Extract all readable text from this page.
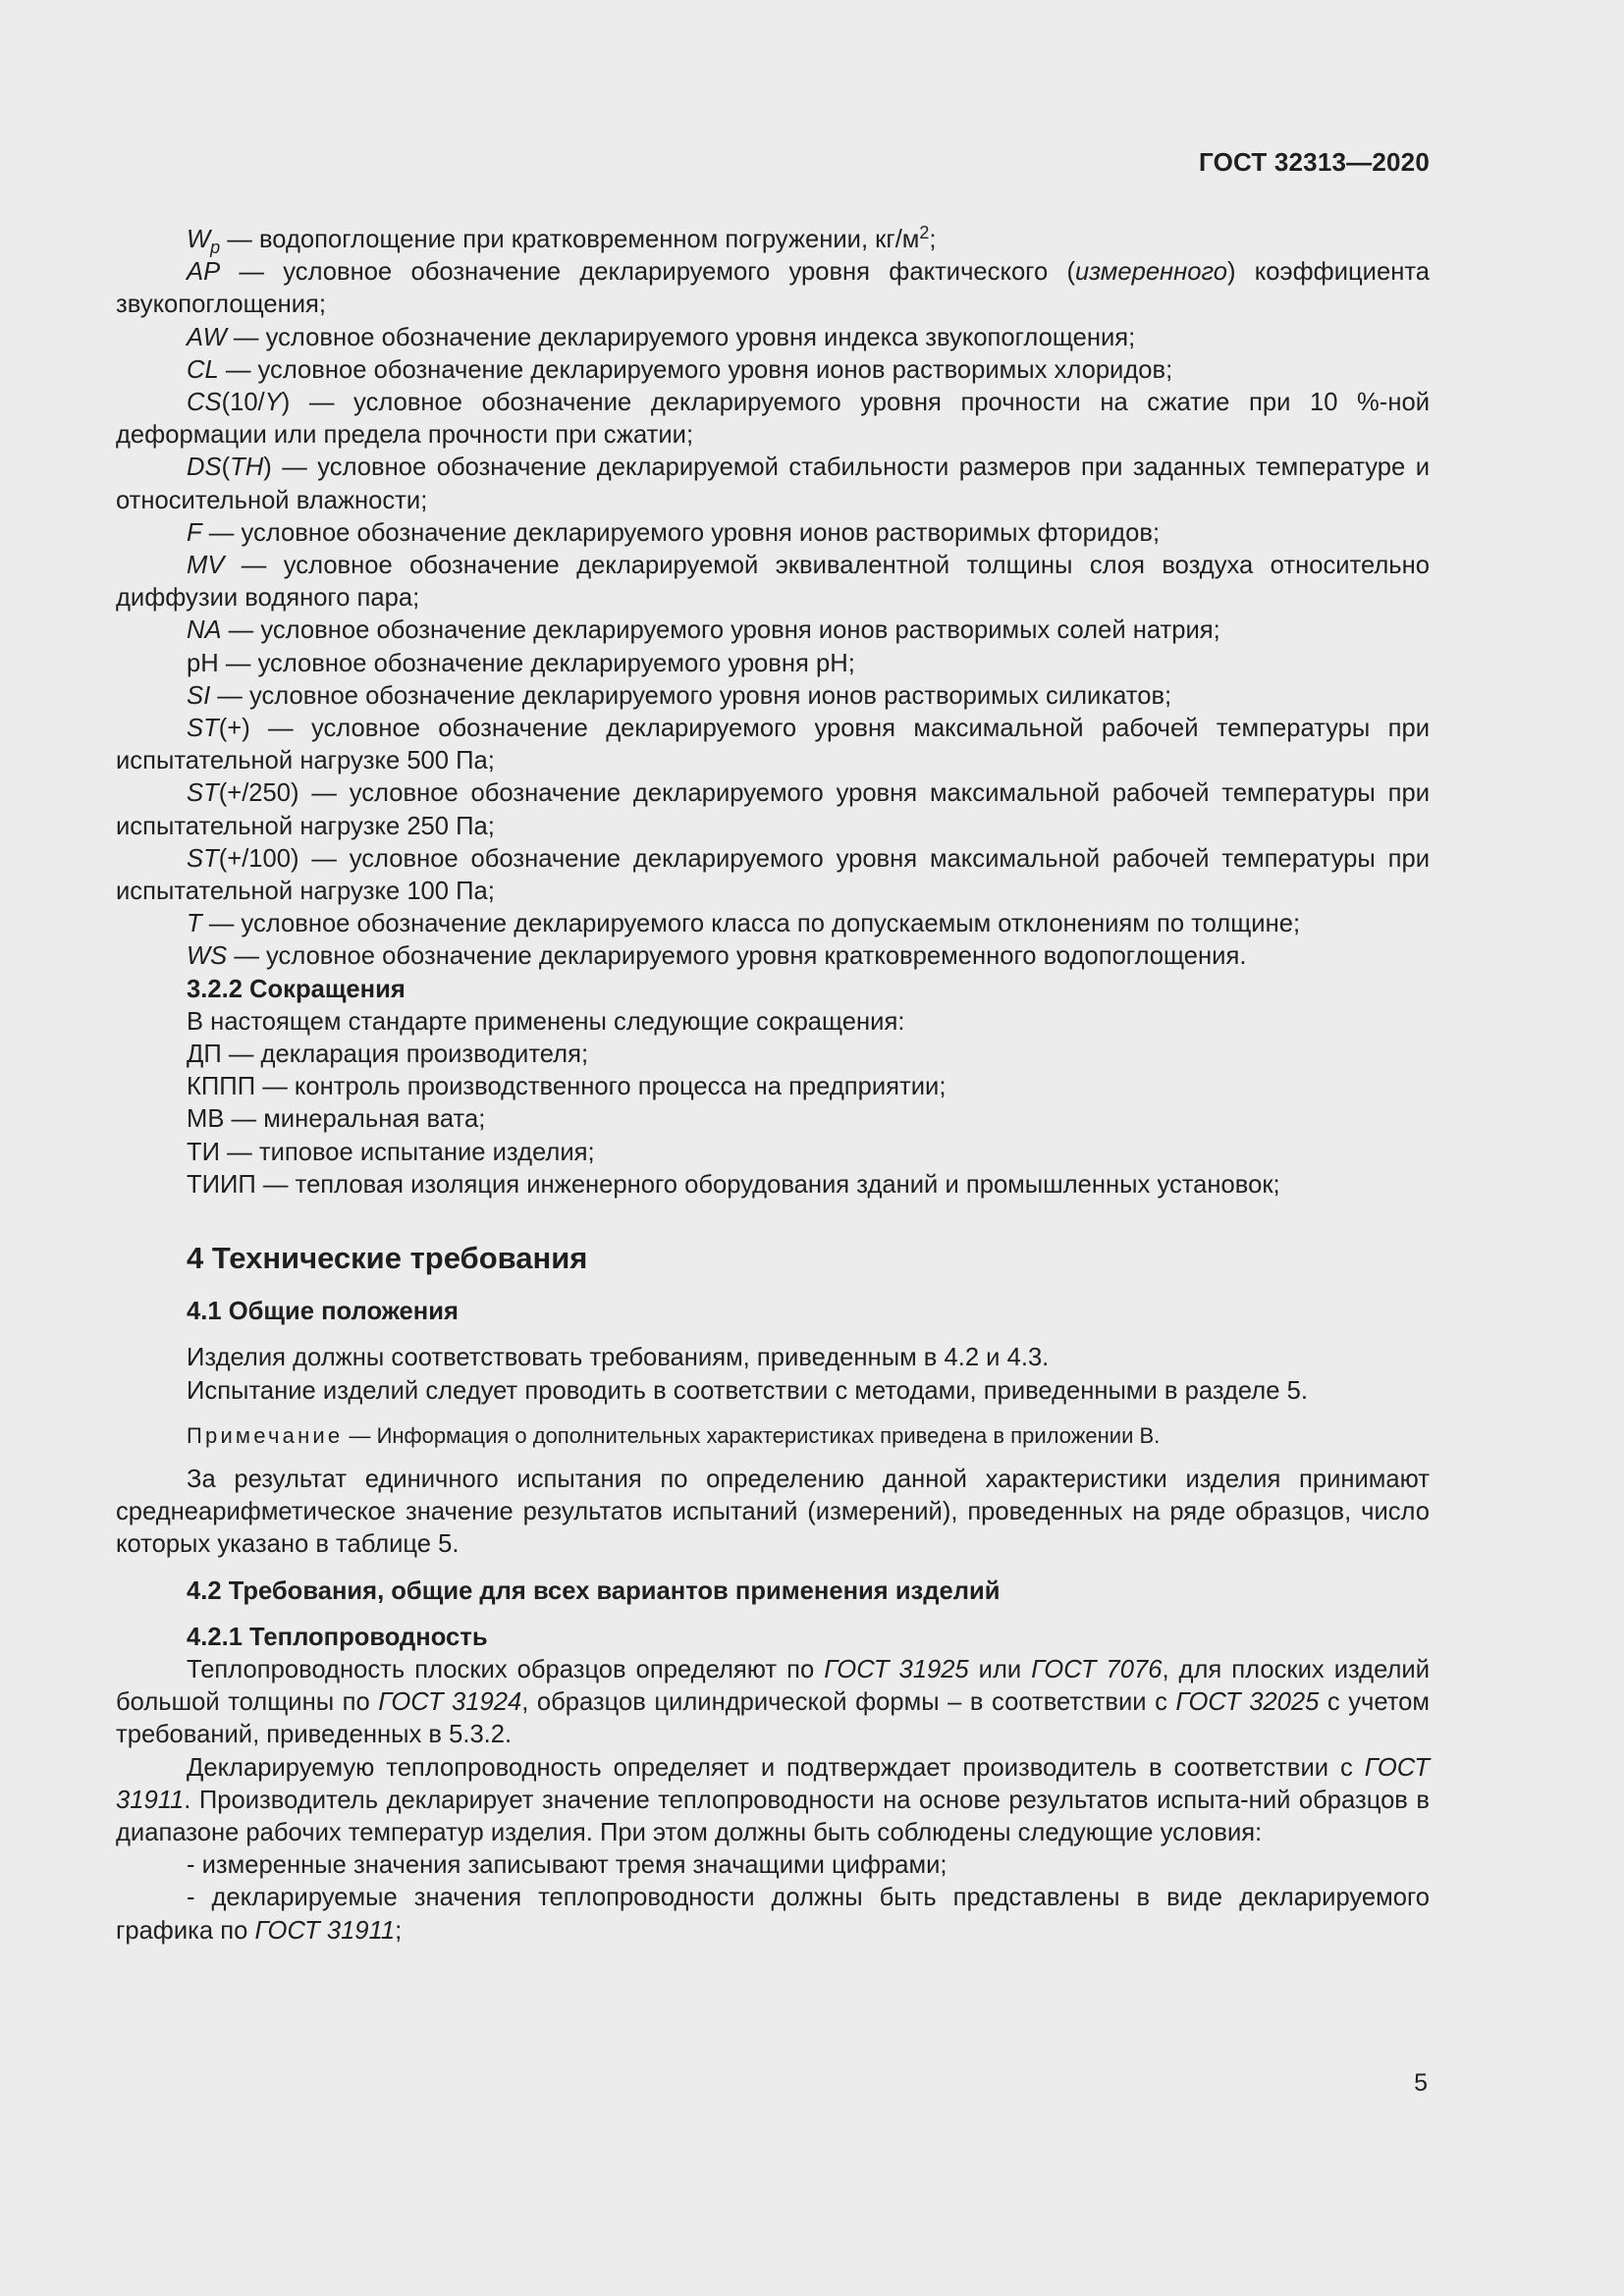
ГОСТ 32313—2020

$W_р$ — водопоглощение при кратковременном погружении, $кг/м^2$;

AP — условное обозначение декларируемого уровня фактического (измеренного) коэффициента звукопоглощения;

AW — условное обозначение декларируемого уровня индекса звукопоглощения;

CL — условное обозначение декларируемого уровня ионов растворимых хлоридов;

CS(10/Y) — условное обозначение декларируемого уровня прочности на сжатие при 10 %-ной деформации или предела прочности при сжатии;

DS(TH) — условное обозначение декларируемой стабильности размеров при заданных температуре и относительной влажности;

F — условное обозначение декларируемого уровня ионов растворимых фторидов;

MV — условное обозначение декларируемой эквивалентной толщины слоя воздуха относительно диффузии водяного пара;

NA — условное обозначение декларируемого уровня ионов растворимых солей натрия;

pH — условное обозначение декларируемого уровня pH;

SI — условное обозначение декларируемого уровня ионов растворимых силикатов;

ST(+) — условное обозначение декларируемого уровня максимальной рабочей температуры при испытательной нагрузке 500 Па;

ST(+/250) — условное обозначение декларируемого уровня максимальной рабочей температуры при испытательной нагрузке 250 Па;

ST(+/100) — условное обозначение декларируемого уровня максимальной рабочей температуры при испытательной нагрузке 100 Па;

T — условное обозначение декларируемого класса по допускаемым отклонениям по толщине;

WS — условное обозначение декларируемого уровня кратковременного водопоглощения.

3.2.2 Сокращения

В настоящем стандарте применены следующие сокращения:

ДП — декларация производителя;

КППП — контроль производственного процесса на предприятии;

МВ — минеральная вата;

ТИ — типовое испытание изделия;

ТИИП — тепловая изоляция инженерного оборудования зданий и промышленных установок;

4 Технические требования

4.1 Общие положения

Изделия должны соответствовать требованиям, приведенным в 4.2 и 4.3.

Испытание изделий следует проводить в соответствии с методами, приведенными в разделе 5.

Примечание — Информация о дополнительных характеристиках приведена в приложении В.

За результат единичного испытания по определению данной характеристики изделия принимают среднеарифметическое значение результатов испытаний (измерений), проведенных на ряде образцов, число которых указано в таблице 5.

4.2 Требования, общие для всех вариантов применения изделий

4.2.1 Теплопроводность

Теплопроводность плоских образцов определяют по ГОСТ 31925 или ГОСТ 7076, для плоских изделий большой толщины по ГОСТ 31924, образцов цилиндрической формы – в соответствии с ГОСТ 32025 с учетом требований, приведенных в 5.3.2.

Декларируемую теплопроводность определяет и подтверждает производитель в соответствии с ГОСТ 31911. Производитель декларирует значение теплопроводности на основе результатов испыта-ний образцов в диапазоне рабочих температур изделия. При этом должны быть соблюдены следующие условия:

- измеренные значения записывают тремя значащими цифрами;

- декларируемые значения теплопроводности должны быть представлены в виде декларируемого графика по ГОСТ 31911;

5
